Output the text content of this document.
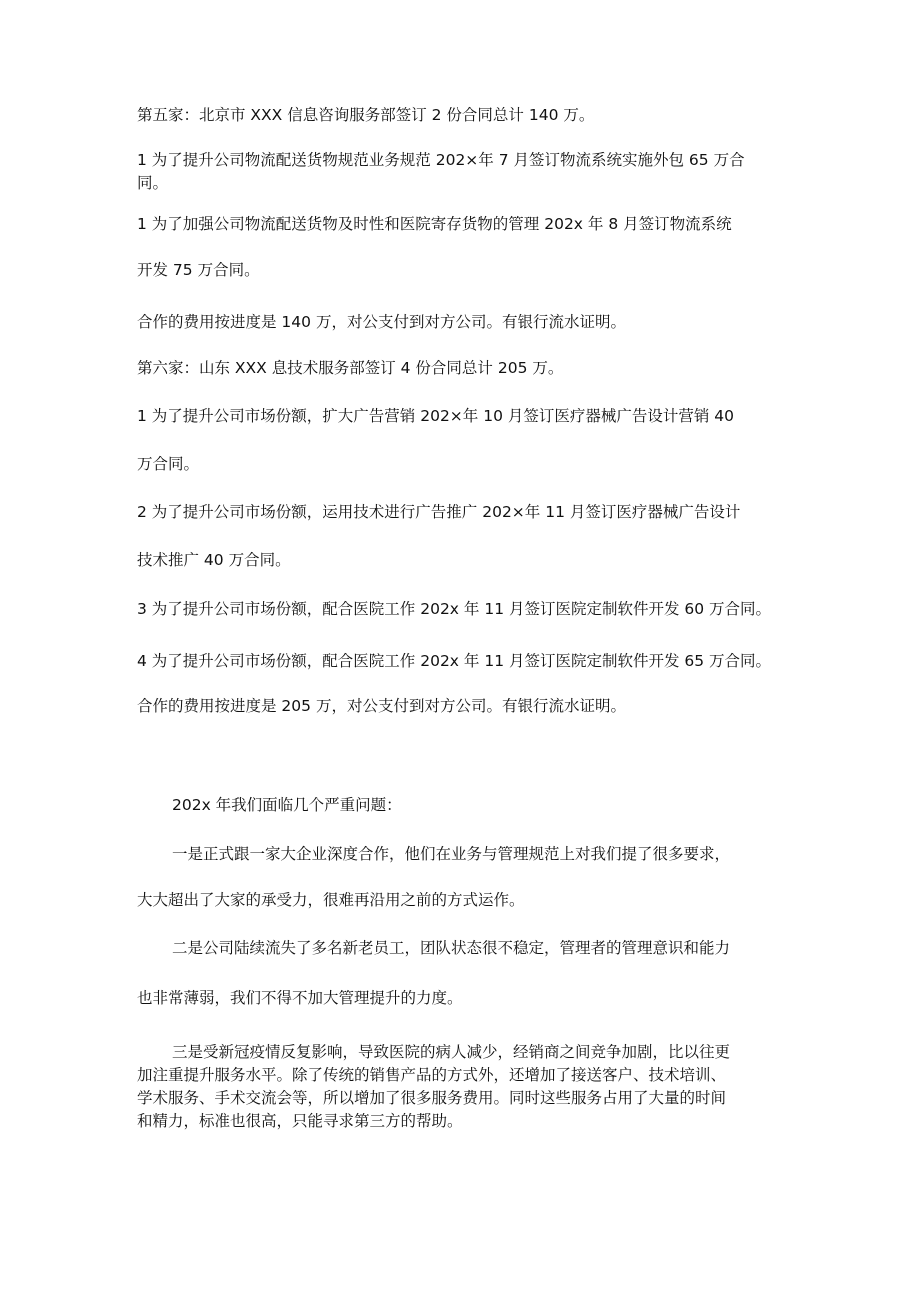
第五家：北京市 XXX 信息咨询服务部签订 2 份合同总计 140 万。
1 为了提升公司物流配送货物规范业务规范 202×年 7 月签订物流系统实施外包 65 万合
同。
1 为了加强公司物流配送货物及时性和医院寄存货物的管理 202x 年 8 月签订物流系统
开发 75 万合同。
合作的费用按进度是 140 万，对公支付到对方公司。有银行流水证明。
第六家：山东 XXX 息技术服务部签订 4 份合同总计 205 万。
1 为了提升公司市场份额，扩大广告营销 202×年 10 月签订医疗器械广告设计营销 40
万合同。
2 为了提升公司市场份额，运用技术进行广告推广 202×年 11 月签订医疗器械广告设计
技术推广 40 万合同。
3 为了提升公司市场份额，配合医院工作 202x 年 11 月签订医院定制软件开发 60 万合同。
4 为了提升公司市场份额，配合医院工作 202x 年 11 月签订医院定制软件开发 65 万合同。
合作的费用按进度是 205 万，对公支付到对方公司。有银行流水证明。
202x 年我们面临几个严重问题：
一是正式跟一家大企业深度合作，他们在业务与管理规范上对我们提了很多要求，
大大超出了大家的承受力，很难再沿用之前的方式运作。
二是公司陆续流失了多名新老员工，团队状态很不稳定，管理者的管理意识和能力
也非常薄弱，我们不得不加大管理提升的力度。
三是受新冠疫情反复影响，导致医院的病人减少，经销商之间竞争加剧，比以往更
加注重提升服务水平。除了传统的销售产品的方式外，还增加了接送客户、技术培训、
学术服务、手术交流会等，所以增加了很多服务费用。同时这些服务占用了大量的时间
和精力，标准也很高，只能寻求第三方的帮助。
